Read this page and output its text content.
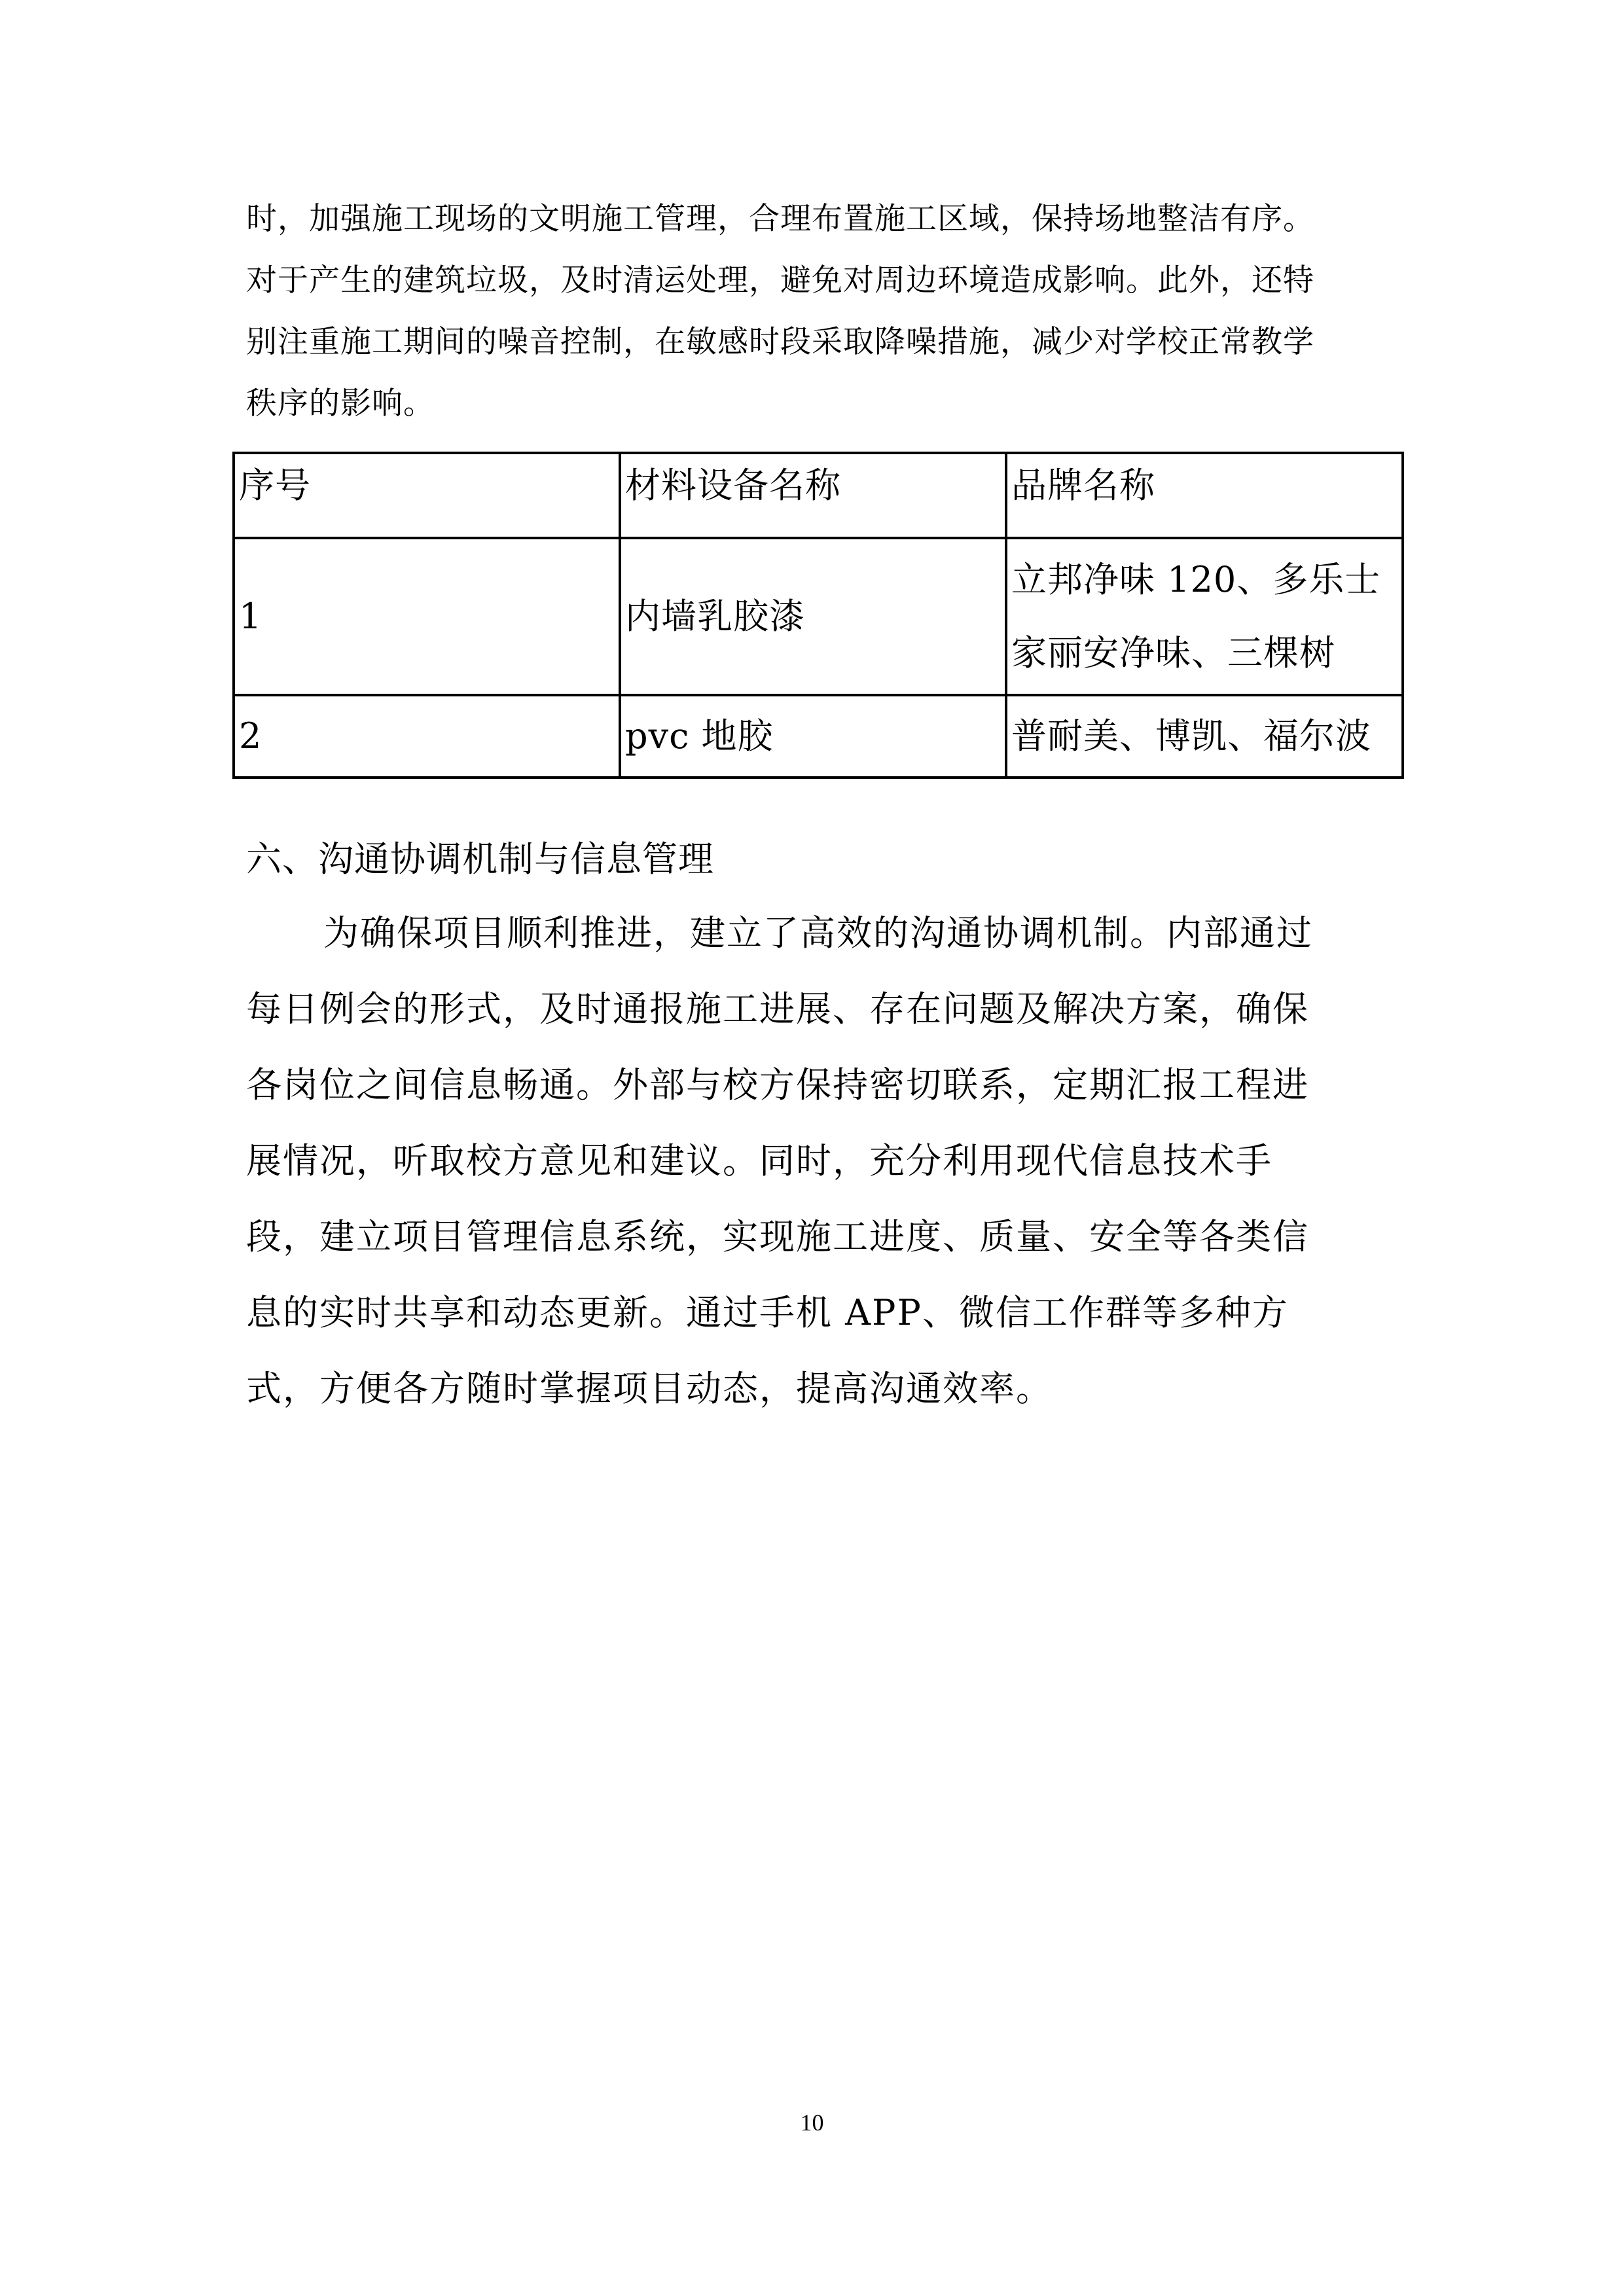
时，加强施工现场的文明施工管理，合理布置施工区域，保持场地整洁有序。
对于产生的建筑垃圾，及时清运处理，避免对周边环境造成影响。此外，还特
别注重施工期间的噪音控制，在敏感时段采取降噪措施，减少对学校正常教学
秩序的影响。
序号	材料设备名称	品牌名称
1	内墙乳胶漆	立邦净味 120、多乐士
家丽安净味、三棵树

2	pvc 地胶	普耐美、博凯、福尔波
六、沟通协调机制与信息管理
为确保项目顺利推进，建立了高效的沟通协调机制。内部通过
每日例会的形式，及时通报施工进展、存在问题及解决方案，确保
各岗位之间信息畅通。外部与校方保持密切联系，定期汇报工程进
展情况，听取校方意见和建议。同时，充分利用现代信息技术手
段，建立项目管理信息系统，实现施工进度、质量、安全等各类信
息的实时共享和动态更新。通过手机 APP、微信工作群等多种方
式，方便各方随时掌握项目动态，提高沟通效率。
10
